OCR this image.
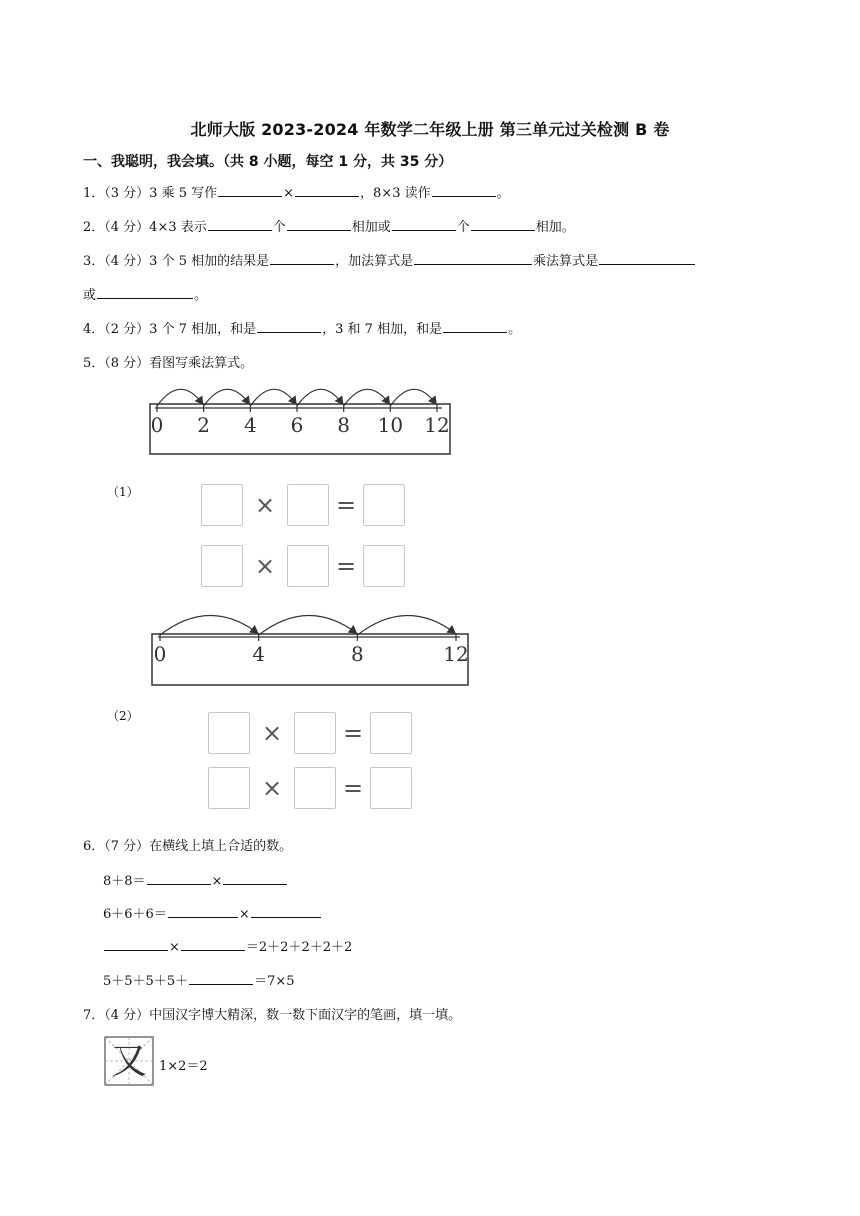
北师大版 2023-2024 年数学二年级上册 第三单元过关检测 B 卷
一、我聪明，我会填。（共 8 小题，每空 1 分，共 35 分）
1．（3 分）3 乘 5 写作	×	，8×3 读作	。
2．（4 分）4×3 表示	个	相加或	个	相加。
3．（4 分）3 个 5 相加的结果是	，加法算式是	乘法算式是
或	。
4．（2 分）3 个 7 相加，和是	，3 和 7 相加，和是	。
5．（8 分）看图写乘法算式。
0 2 4 6 8 10 12
（1）	×	=
×	=
0	4	8	12
（2）
×	=
×	=
6．（7 分）在横线上填上合适的数。
8＋8＝	×
6＋6＋6＝	×
×	＝2＋2＋2＋2＋2
5＋5＋5＋5＋	＝7×5
7．（4 分）中国汉字博大精深，数一数下面汉字的笔画，填一填。
又 1×2＝2
